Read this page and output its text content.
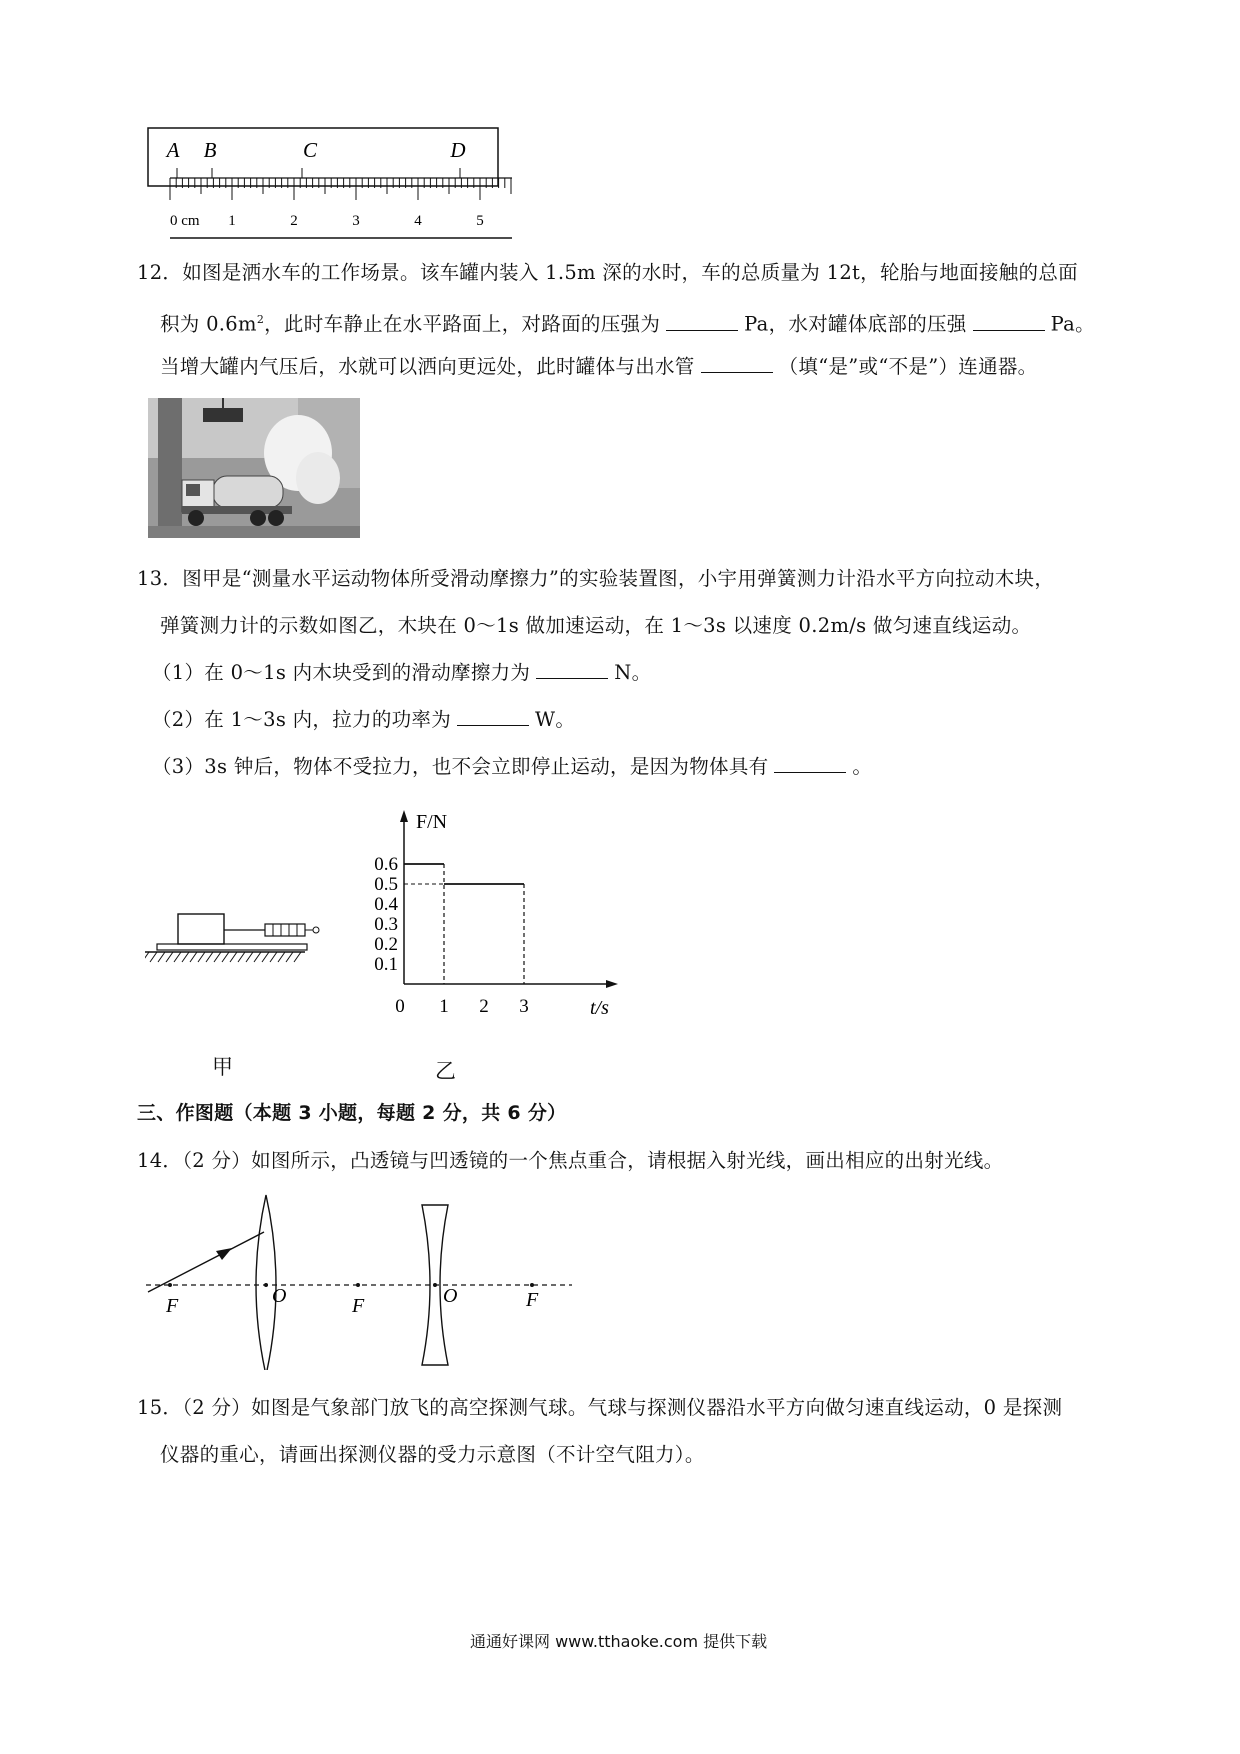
A B	C	D
0 cm 1	2	3	4	5
12．如图是洒水车的工作场景。该车罐内装入 1.5m 深的水时，车的总质量为 12t，轮胎与地面接触的总面
积为 $0.6m^2$，此时车静止在水平路面上，对路面的压强为	Pa，水对罐体底部的压强	Pa。
当增大罐内气压后，水就可以洒向更远处，此时罐体与出水管	（填“是”或“不是”）连通器。
13．图甲是“测量水平运动物体所受滑动摩擦力”的实验装置图，小宇用弹簧测力计沿水平方向拉动木块，
弹簧测力计的示数如图乙，木块在 0～1s 做加速运动，在 1～3s 以速度 0.2m/s 做匀速直线运动。
（1）在 0～1s 内木块受到的滑动摩擦力为	N。
（2）在 1～3s 内，拉力的功率为	W。
（3）3s 钟后，物体不受拉力，也不会立即停止运动，是因为物体具有	。
F/N
t/s
0.6
0.5
0.4
0.3
0.2
0.1
0 1 2 3
甲	乙
三、作图题（本题 3 小题，每题 2 分，共 6 分）
14．（2 分）如图所示，凸透镜与凹透镜的一个焦点重合，请根据入射光线，画出相应的出射光线。
F	O	F	O	F
15．（2 分）如图是气象部门放飞的高空探测气球。气球与探测仪器沿水平方向做匀速直线运动，0 是探测
仪器的重心，请画出探测仪器的受力示意图（不计空气阻力）。
通通好课网 www.tthaoke.com 提供下载
